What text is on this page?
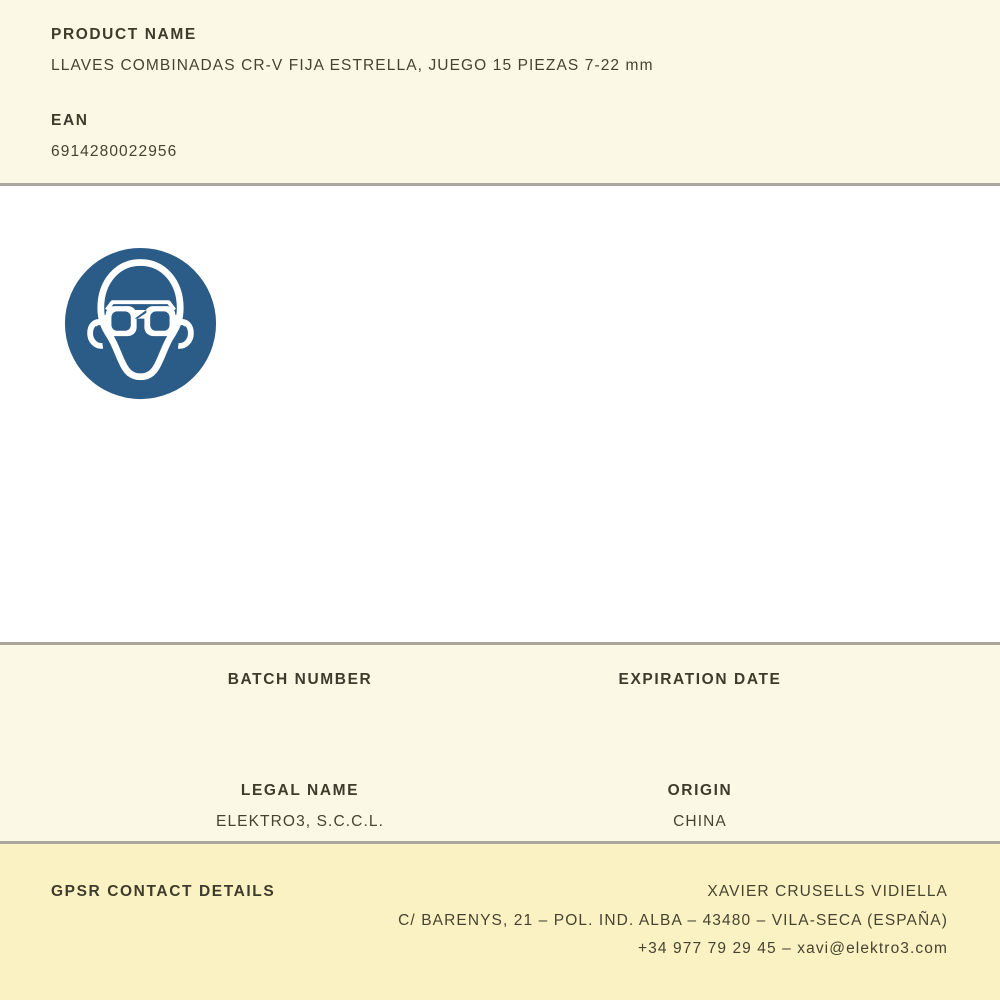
PRODUCT NAME
LLAVES COMBINADAS CR-V FIJA ESTRELLA, JUEGO 15 PIEZAS 7-22 mm
EAN
6914280022956
BATCH NUMBER	EXPIRATION DATE
LEGAL NAME
ELEKTRO3, S.C.C.L.
ORIGIN
CHINA
GPSR CONTACT DETAILS	XAVIER CRUSELLS VIDIELLA
C/ BARENYS, 21 – POL. IND. ALBA – 43480 – VILA-SECA (ESPAÑA)
+34 977 79 29 45 – xavi@elektro3.com
